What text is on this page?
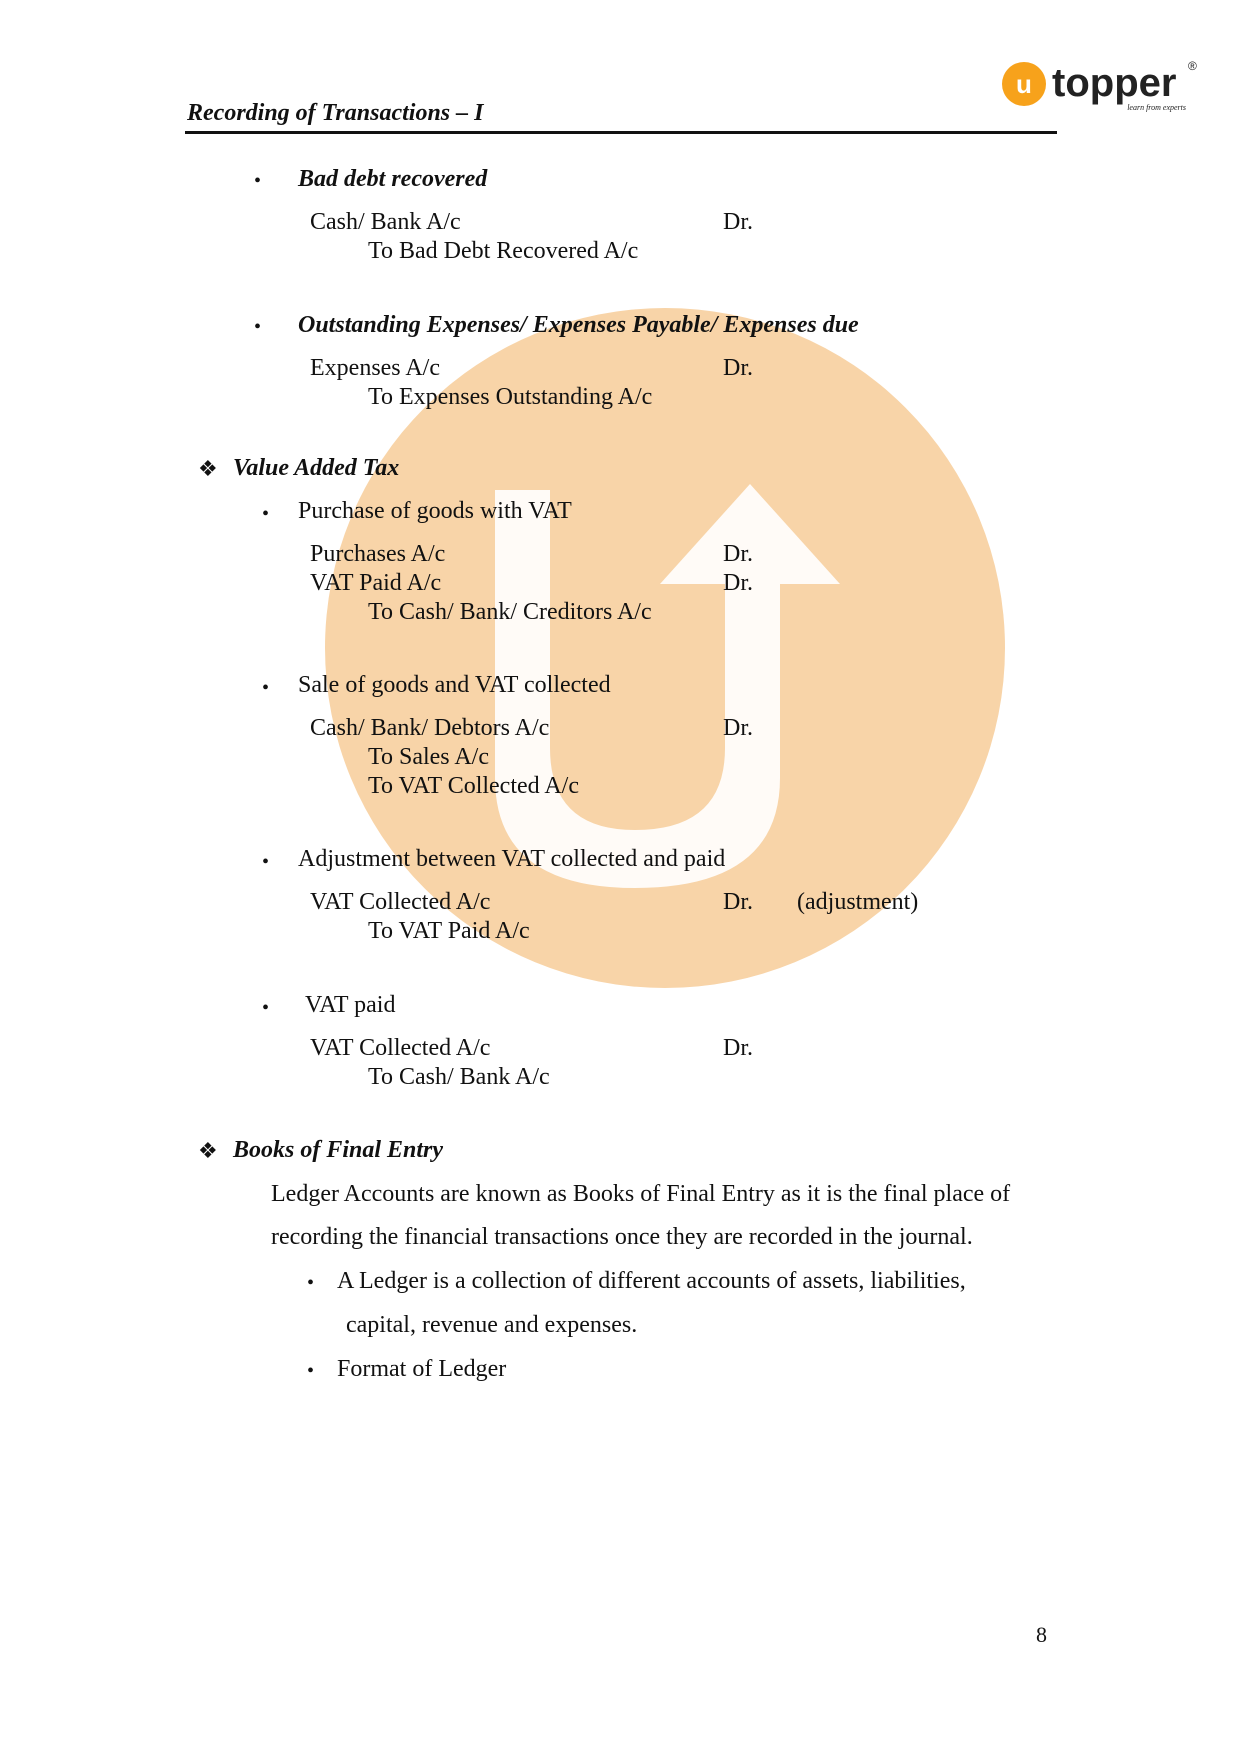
u topper ®
learn from experts
Recording of Transactions – I
• Bad debt recovered
Cash/ Bank A/c	Dr.
To Bad Debt Recovered A/c
• Outstanding Expenses/ Expenses Payable/ Expenses due
Expenses A/c	Dr.
To Expenses Outstanding A/c
❖ Value Added Tax
• Purchase of goods with VAT
Purchases A/c	Dr.
VAT Paid A/c	Dr.
To Cash/ Bank/ Creditors A/c
• Sale of goods and VAT collected
Cash/ Bank/ Debtors A/c	Dr.
To Sales A/c
To VAT Collected A/c
• Adjustment between VAT collected and paid
VAT Collected A/c	Dr. (adjustment)
To VAT Paid A/c
• VAT paid
VAT Collected A/c	Dr.
To Cash/ Bank A/c
❖ Books of Final Entry
Ledger Accounts are known as Books of Final Entry as it is the final place of
recording the financial transactions once they are recorded in the journal.
• A Ledger is a collection of different accounts of assets, liabilities,
capital, revenue and expenses.
• Format of Ledger
8
